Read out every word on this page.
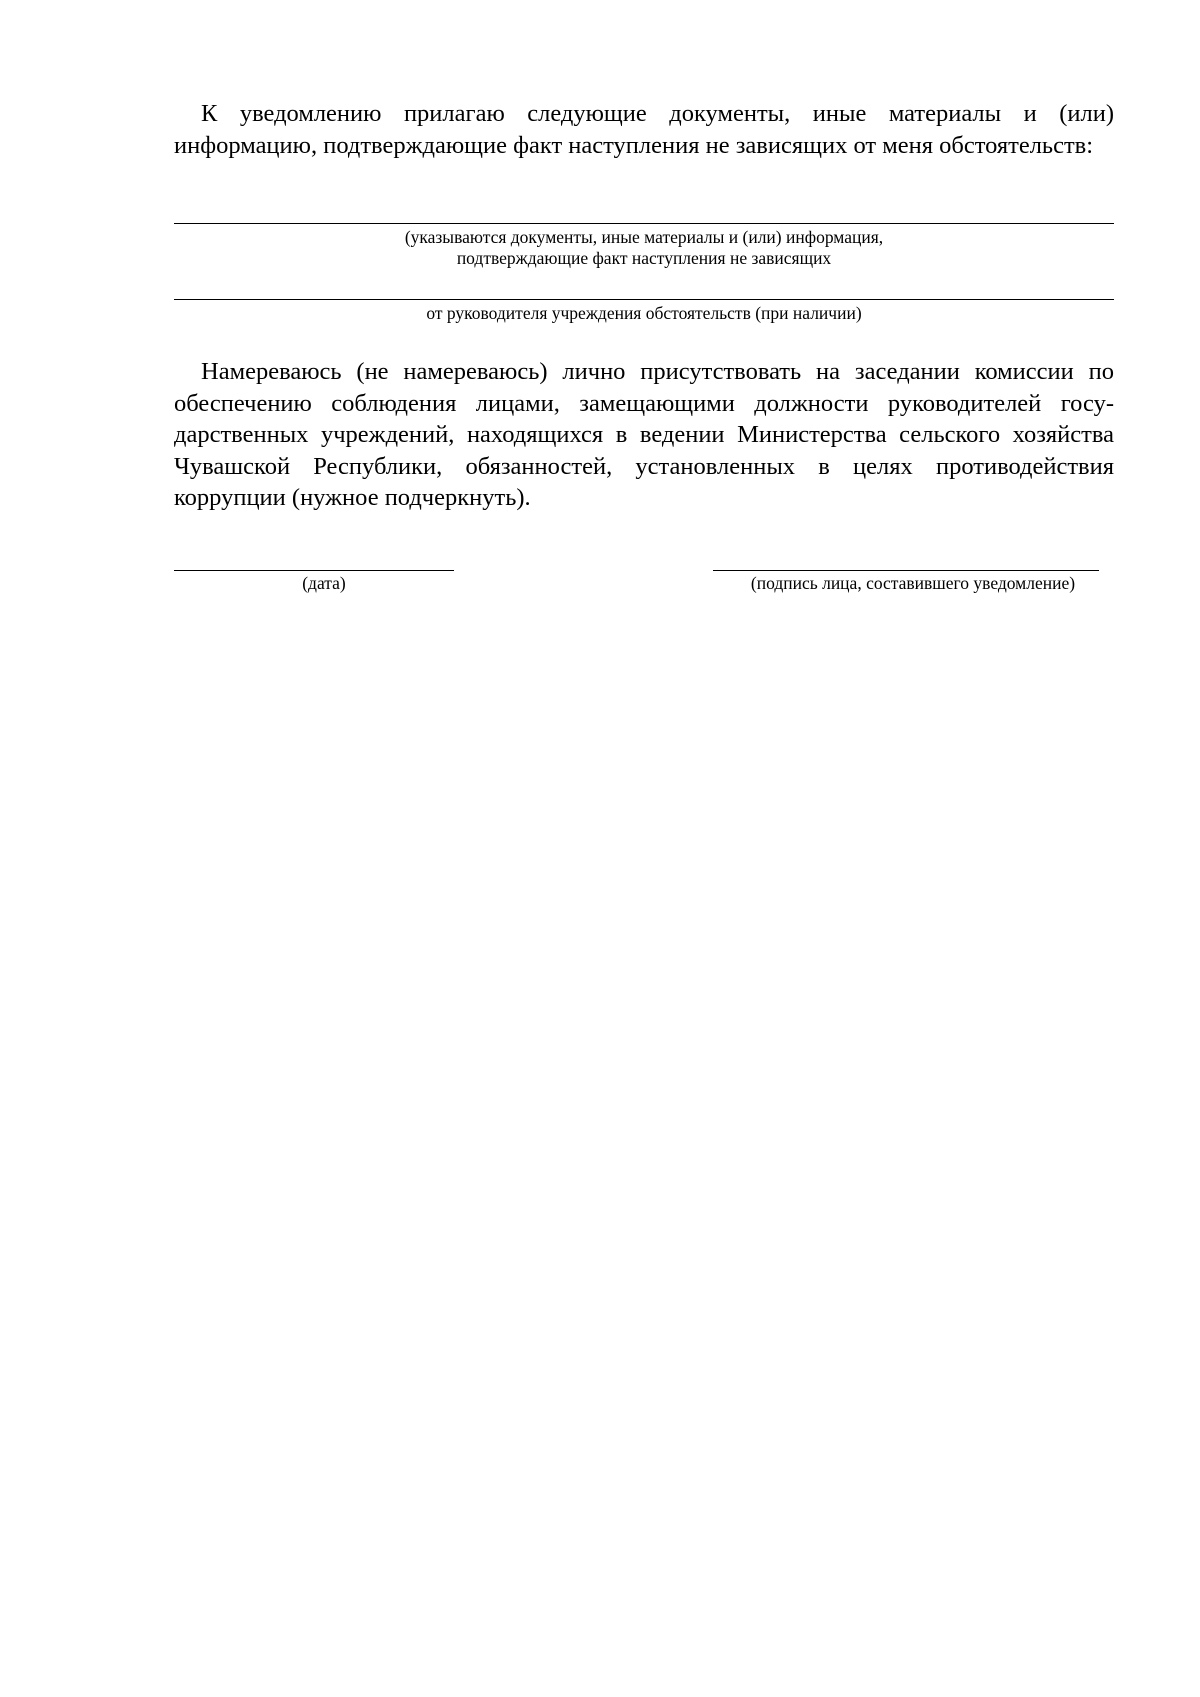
К уведомлению прилагаю следующие документы, иные материалы и (или) информацию, подтверждающие факт наступления не зависящих от меня обстоятельств:

(указываются документы, иные материалы и (или) информация,
подтверждающие факт наступления не зависящих
от руководителя учреждения обстоятельств (при наличии)

Намереваюсь (не намереваюсь) лично присутствовать на заседании комиссии по обеспечению соблюдения лицами, замещающими должности руководителей государственных учреждений, находящихся в ведении Министерства сельского хозяйства Чувашской Республики, обязанностей, установленных в целях противодействия коррупции (нужное подчеркнуть).

(дата)	(подпись лица, составившего уведомление)
